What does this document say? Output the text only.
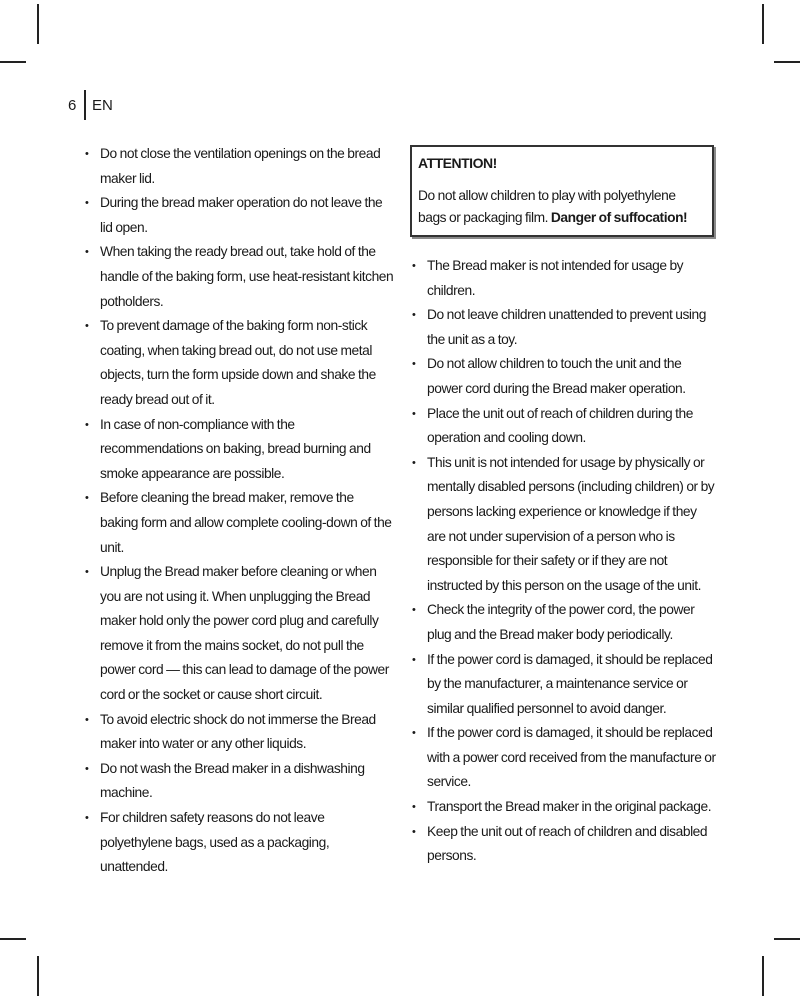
6	EN
• Do not close the ventilation openings on the bread maker lid.
• During the bread maker operation do not leave the lid open.
• When taking the ready bread out, take hold of the handle of the baking form, use heat-resistant kitchen potholders.
• To prevent damage of the baking form non-stick coating, when taking bread out, do not use metal objects, turn the form upside down and shake the ready bread out of it.
• In case of non-compliance with the recommendations on baking, bread burning and smoke appearance are possible.
• Before cleaning the bread maker, remove the baking form and allow complete cooling-down of the unit.
• Unplug the Bread maker before cleaning or when you are not using it. When unplugging the Bread maker hold only the power cord plug and carefully remove it from the mains socket, do not pull the power cord — this can lead to damage of the power cord or the socket or cause short circuit.
• To avoid electric shock do not immerse the Bread maker into water or any other liquids.
• Do not wash the Bread maker in a dishwashing machine.
• For children safety reasons do not leave polyethylene bags, used as a packaging, unattended.
ATTENTION!
Do not allow children to play with polyethylene bags or packaging film. Danger of suffocation!
• The Bread maker is not intended for usage by children.
• Do not leave children unattended to prevent using the unit as a toy.
• Do not allow children to touch the unit and the power cord during the Bread maker operation.
• Place the unit out of reach of children during the operation and cooling down.
• This unit is not intended for usage by physically or mentally disabled persons (including children) or by persons lacking experience or knowledge if they are not under supervision of a person who is responsible for their safety or if they are not instructed by this person on the usage of the unit.
• Check the integrity of the power cord, the power plug and the Bread maker body periodically.
• If the power cord is damaged, it should be replaced by the manufacturer, a maintenance service or similar qualified personnel to avoid danger.
• If the power cord is damaged, it should be replaced with a power cord received from the manufacture or service.
• Transport the Bread maker in the original package.
• Keep the unit out of reach of children and disabled persons.
